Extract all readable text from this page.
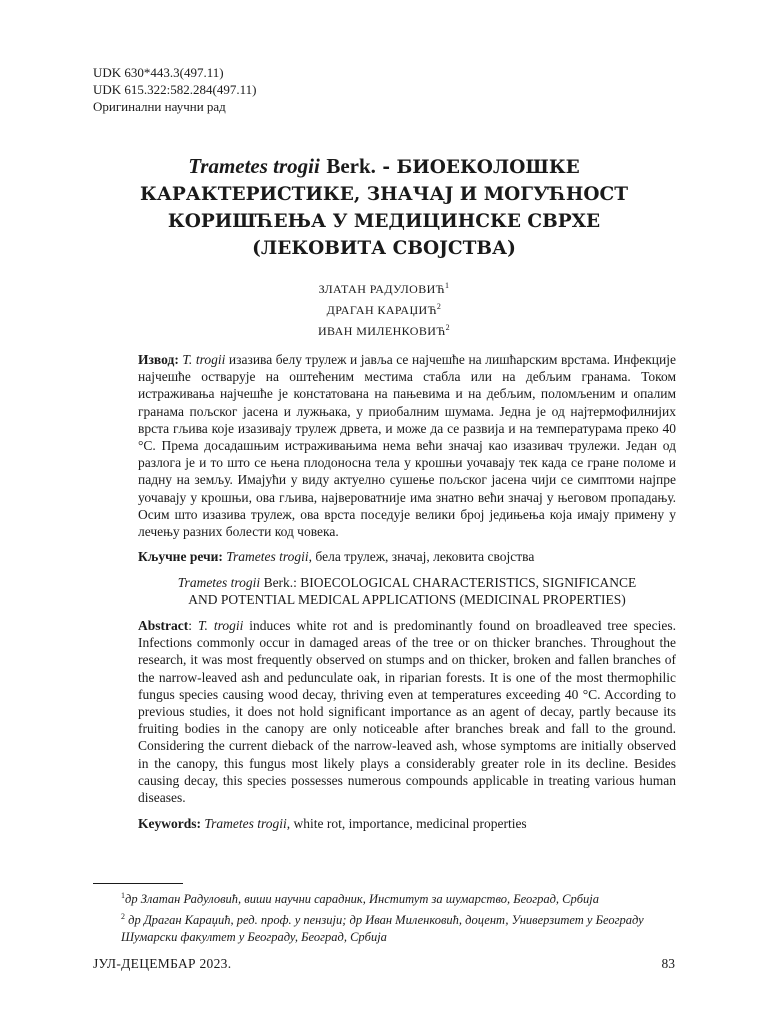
UDK 630*443.3(497.11)
UDK 615.322:582.284(497.11)
Оригинални научни рад
Trametes trogii Berk. - БИОЕКОЛОШКЕ
КАРАКТЕРИСТИКЕ, ЗНАЧАЈ И МОГУЋНОСТ
КОРИШЋЕЊА У МЕДИЦИНСКЕ СВРХЕ
(ЛЕКОВИТА СВОЈСТВА)
ЗЛАТАН РАДУЛОВИЋ$^1$
ДРАГАН КАРАЏИЋ$^2$
ИВАН МИЛЕНКОВИЋ$^2$
Извод: T. trogii изазива белу трулеж и јавља се најчешће на лишћарским врстама. Инфекције најчешће остварује на оштећеним местима стабла или на дебљим гранама. Током истраживања најчешће је констатована на пањевима и на дебљим, поломљеним и опалим гранама пољског јасена и лужњака, у приобалним шумама. Једна је од најтермофилнијих врста гљива које изазивају трулеж дрвета, и може да се развија и на температурама преко 40 °C. Према досадашњим истраживањима нема већи значај као изазивач трулежи. Један од разлога је и то што се њена плодоносна тела у крошњи уочавају тек када се гране поломе и падну на земљу. Имајући у виду актуелно сушење пољског јасена чији се симптоми најпре уочавају у крошњи, ова гљива, највероватније има знатно већи значај у његовом пропадању. Осим што изазива трулеж, ова врста поседује велики број једињења која имају примену у лечењу разних болести код човека.
Кључне речи: Trametes trogii, бела трулеж, значај, лековита својства
Trametes trogii Berk.: BIOECOLOGICAL CHARACTERISTICS, SIGNIFICANCE
AND POTENTIAL MEDICAL APPLICATIONS (MEDICINAL PROPERTIES)
Abstract: T. trogii induces white rot and is predominantly found on broadleaved tree species. Infections commonly occur in damaged areas of the tree or on thicker branches. Throughout the research, it was most frequently observed on stumps and on thicker, broken and fallen branches of the narrow-leaved ash and pedunculate oak, in riparian forests. It is one of the most thermophilic fungus species causing wood decay, thriving even at temperatures exceeding 40 °C. According to previous studies, it does not hold significant importance as an agent of decay, partly because its fruiting bodies in the canopy are only noticeable after branches break and fall to the ground. Considering the current dieback of the narrow-leaved ash, whose symptoms are initially observed in the canopy, this fungus most likely plays a considerably greater role in its decline. Besides causing decay, this species possesses numerous compounds applicable in treating various human diseases.
Keywords: Trametes trogii, white rot, importance, medicinal properties
$^1$др Златан Радуловић, виши научни сарадник, Институт за шумарство, Београд, Србија
$^2$ др Драган Караџић, ред. проф. у пензији; др Иван Миленковић, доцент, Универзитет у Београду Шумарски факултет у Београду, Београд, Србија
ЈУЛ-ДЕЦЕМБАР 2023.	83
